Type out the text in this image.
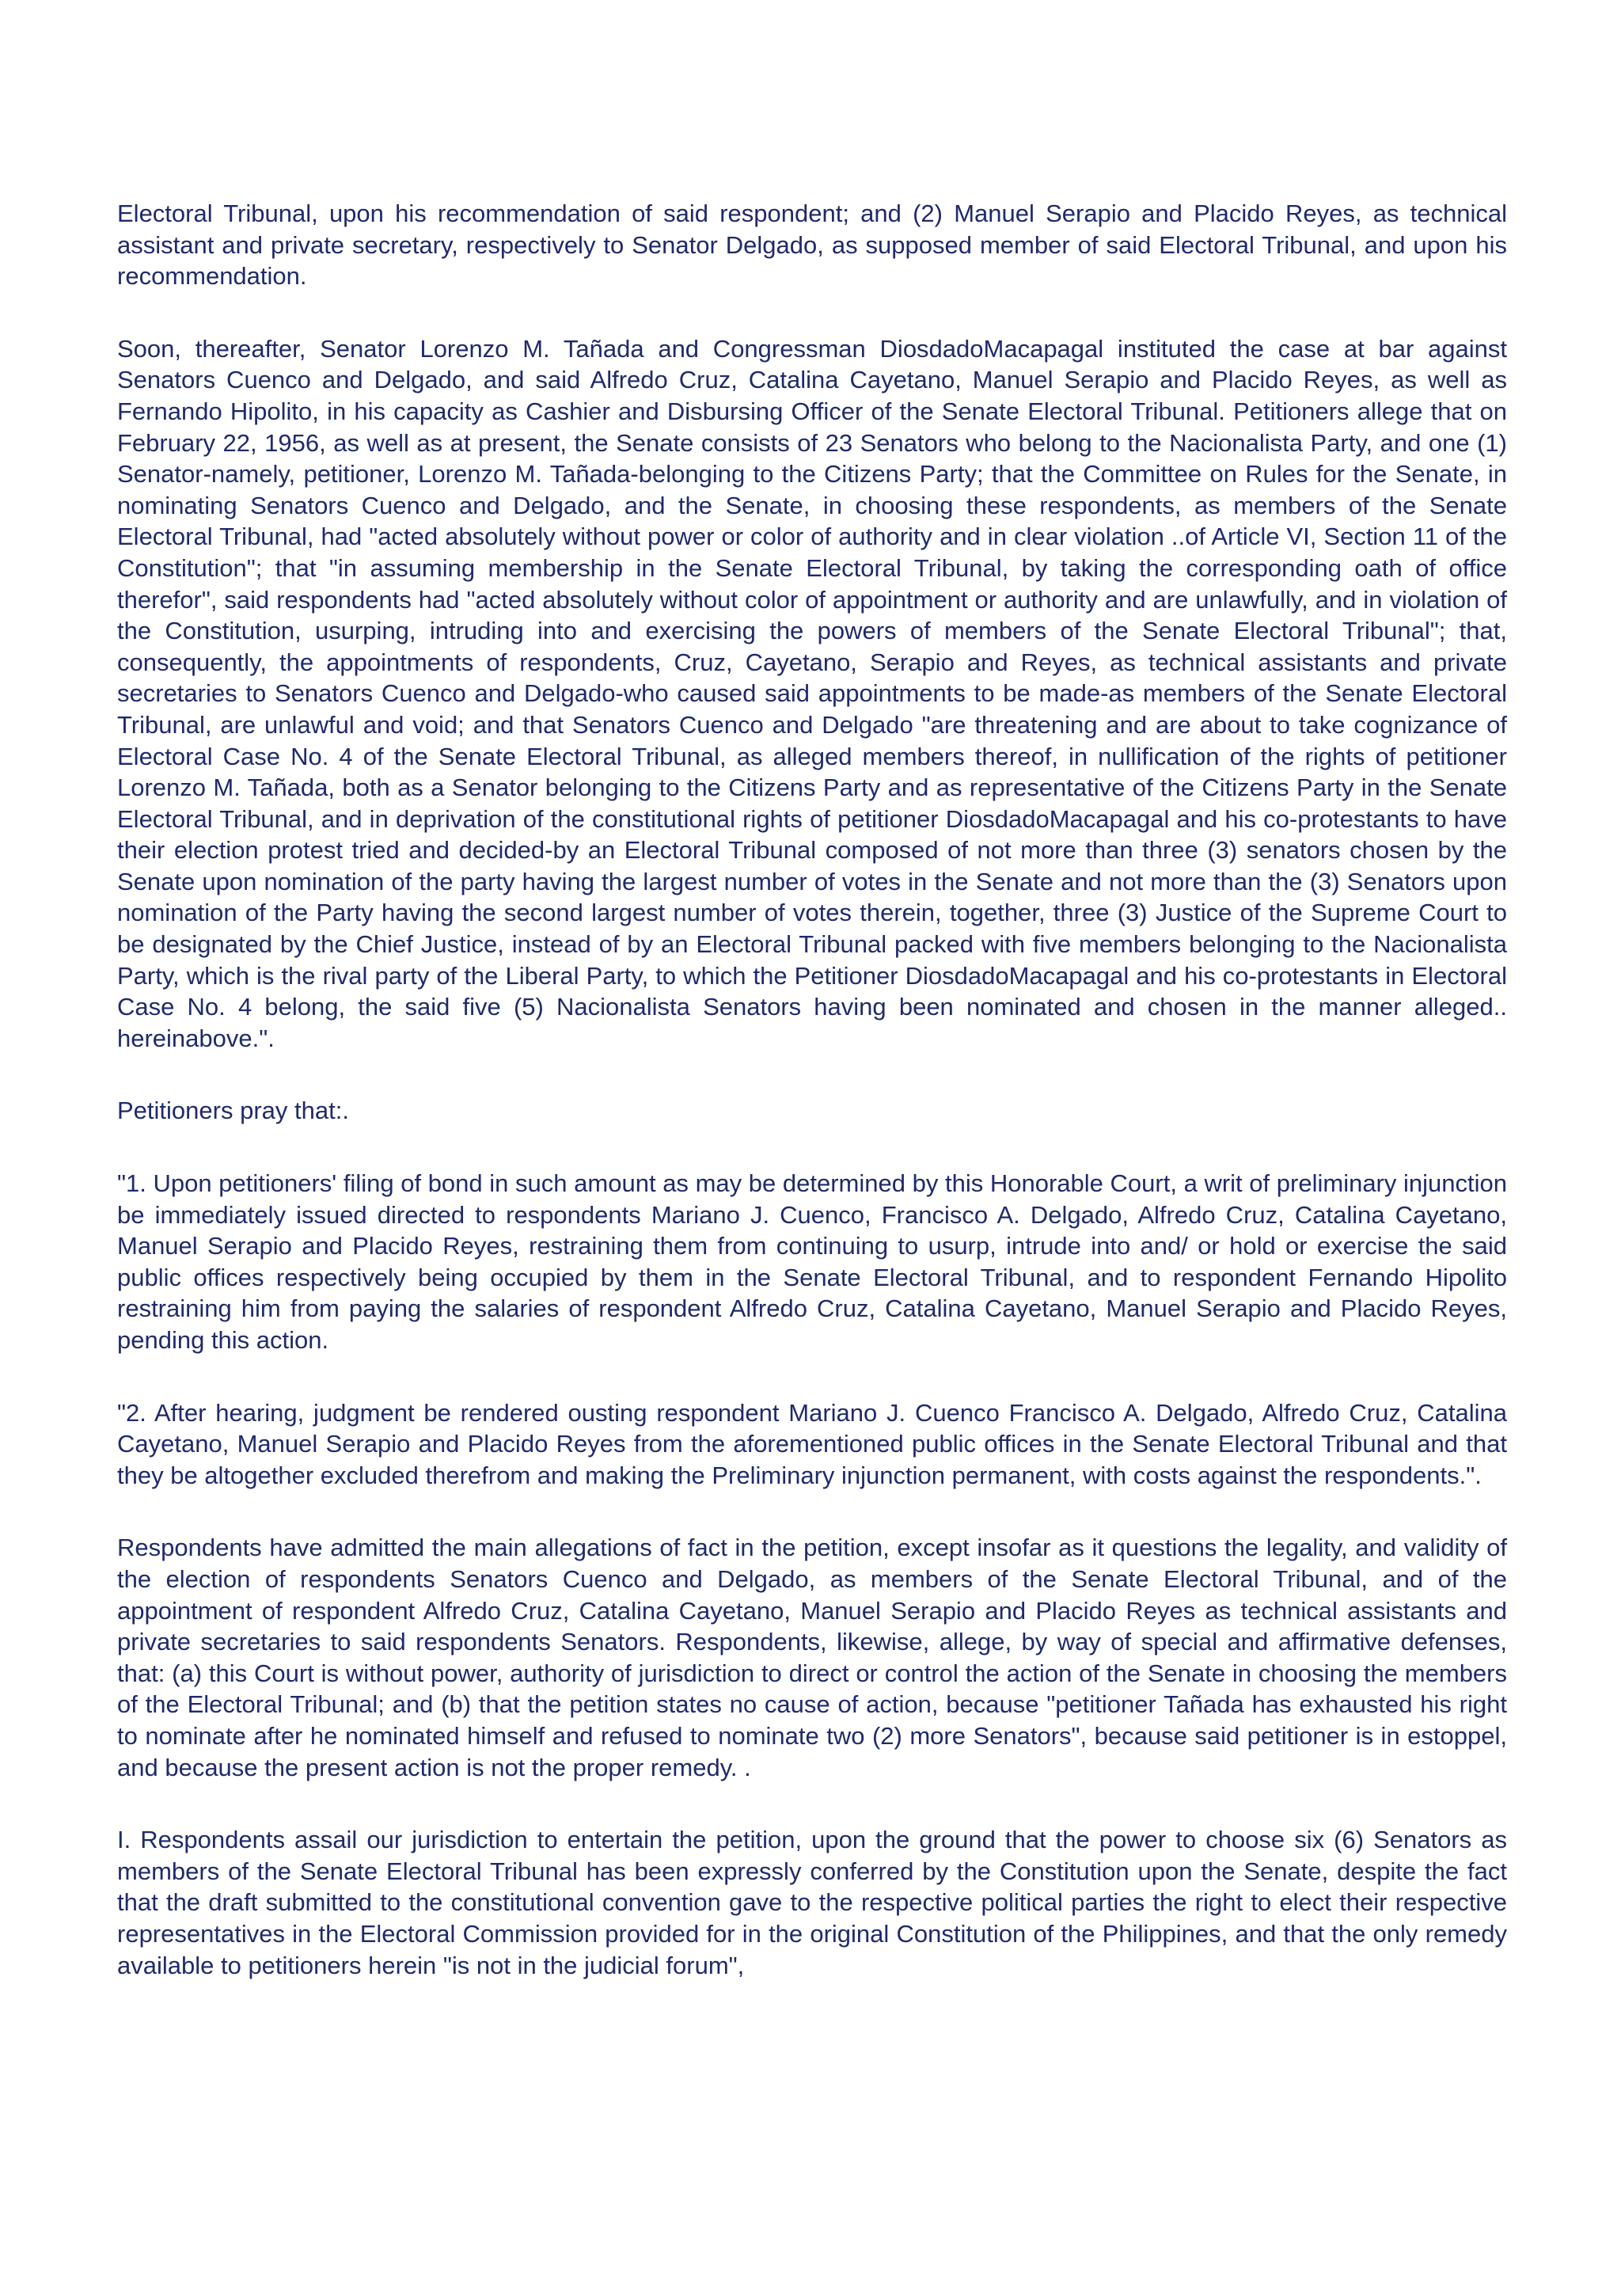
Electoral Tribunal, upon his recommendation of said respondent; and (2) Manuel Serapio and Placido Reyes, as technical assistant and private secretary, respectively to Senator Delgado, as supposed member of said Electoral Tribunal, and upon his recommendation.

Soon, thereafter, Senator Lorenzo M. Tañada and Congressman DiosdadoMacapagal instituted the case at bar against Senators Cuenco and Delgado, and said Alfredo Cruz, Catalina Cayetano, Manuel Serapio and Placido Reyes, as well as Fernando Hipolito, in his capacity as Cashier and Disbursing Officer of the Senate Electoral Tribunal. Petitioners allege that on February 22, 1956, as well as at present, the Senate consists of 23 Senators who belong to the Nacionalista Party, and one (1) Senator-namely, petitioner, Lorenzo M. Tañada-belonging to the Citizens Party; that the Committee on Rules for the Senate, in nominating Senators Cuenco and Delgado, and the Senate, in choosing these respondents, as members of the Senate Electoral Tribunal, had "acted absolutely without power or color of authority and in clear violation ..of Article VI, Section 11 of the Constitution"; that "in assuming membership in the Senate Electoral Tribunal, by taking the corresponding oath of office therefor", said respondents had "acted absolutely without color of appointment or authority and are unlawfully, and in violation of the Constitution, usurping, intruding into and exercising the powers of members of the Senate Electoral Tribunal"; that, consequently, the appointments of respondents, Cruz, Cayetano, Serapio and Reyes, as technical assistants and private secretaries to Senators Cuenco and Delgado-who caused said appointments to be made-as members of the Senate Electoral Tribunal, are unlawful and void; and that Senators Cuenco and Delgado "are threatening and are about to take cognizance of Electoral Case No. 4 of the Senate Electoral Tribunal, as alleged members thereof, in nullification of the rights of petitioner Lorenzo M. Tañada, both as a Senator belonging to the Citizens Party and as representative of the Citizens Party in the Senate Electoral Tribunal, and in deprivation of the constitutional rights of petitioner DiosdadoMacapagal and his co-protestants to have their election protest tried and decided-by an Electoral Tribunal composed of not more than three (3) senators chosen by the Senate upon nomination of the party having the largest number of votes in the Senate and not more than the (3) Senators upon nomination of the Party having the second largest number of votes therein, together, three (3) Justice of the Supreme Court to be designated by the Chief Justice, instead of by an Electoral Tribunal packed with five members belonging to the Nacionalista Party, which is the rival party of the Liberal Party, to which the Petitioner DiosdadoMacapagal and his co-protestants in Electoral Case No. 4 belong, the said five (5) Nacionalista Senators having been nominated and chosen in the manner alleged.. hereinabove.".

Petitioners pray that:.

"1. Upon petitioners' filing of bond in such amount as may be determined by this Honorable Court, a writ of preliminary injunction be immediately issued directed to respondents Mariano J. Cuenco, Francisco A. Delgado, Alfredo Cruz, Catalina Cayetano, Manuel Serapio and Placido Reyes, restraining them from continuing to usurp, intrude into and/ or hold or exercise the said public offices respectively being occupied by them in the Senate Electoral Tribunal, and to respondent Fernando Hipolito restraining him from paying the salaries of respondent Alfredo Cruz, Catalina Cayetano, Manuel Serapio and Placido Reyes, pending this action.

"2. After hearing, judgment be rendered ousting respondent Mariano J. Cuenco Francisco A. Delgado, Alfredo Cruz, Catalina Cayetano, Manuel Serapio and Placido Reyes from the aforementioned public offices in the Senate Electoral Tribunal and that they be altogether excluded therefrom and making the Preliminary injunction permanent, with costs against the respondents.".

Respondents have admitted the main allegations of fact in the petition, except insofar as it questions the legality, and validity of the election of respondents Senators Cuenco and Delgado, as members of the Senate Electoral Tribunal, and of the appointment of respondent Alfredo Cruz, Catalina Cayetano, Manuel Serapio and Placido Reyes as technical assistants and private secretaries to said respondents Senators. Respondents, likewise, allege, by way of special and affirmative defenses, that: (a) this Court is without power, authority of jurisdiction to direct or control the action of the Senate in choosing the members of the Electoral Tribunal; and (b) that the petition states no cause of action, because "petitioner Tañada has exhausted his right to nominate after he nominated himself and refused to nominate two (2) more Senators", because said petitioner is in estoppel, and because the present action is not the proper remedy. .

I. Respondents assail our jurisdiction to entertain the petition, upon the ground that the power to choose six (6) Senators as members of the Senate Electoral Tribunal has been expressly conferred by the Constitution upon the Senate, despite the fact that the draft submitted to the constitutional convention gave to the respective political parties the right to elect their respective representatives in the Electoral Commission provided for in the original Constitution of the Philippines, and that the only remedy available to petitioners herein "is not in the judicial forum",
